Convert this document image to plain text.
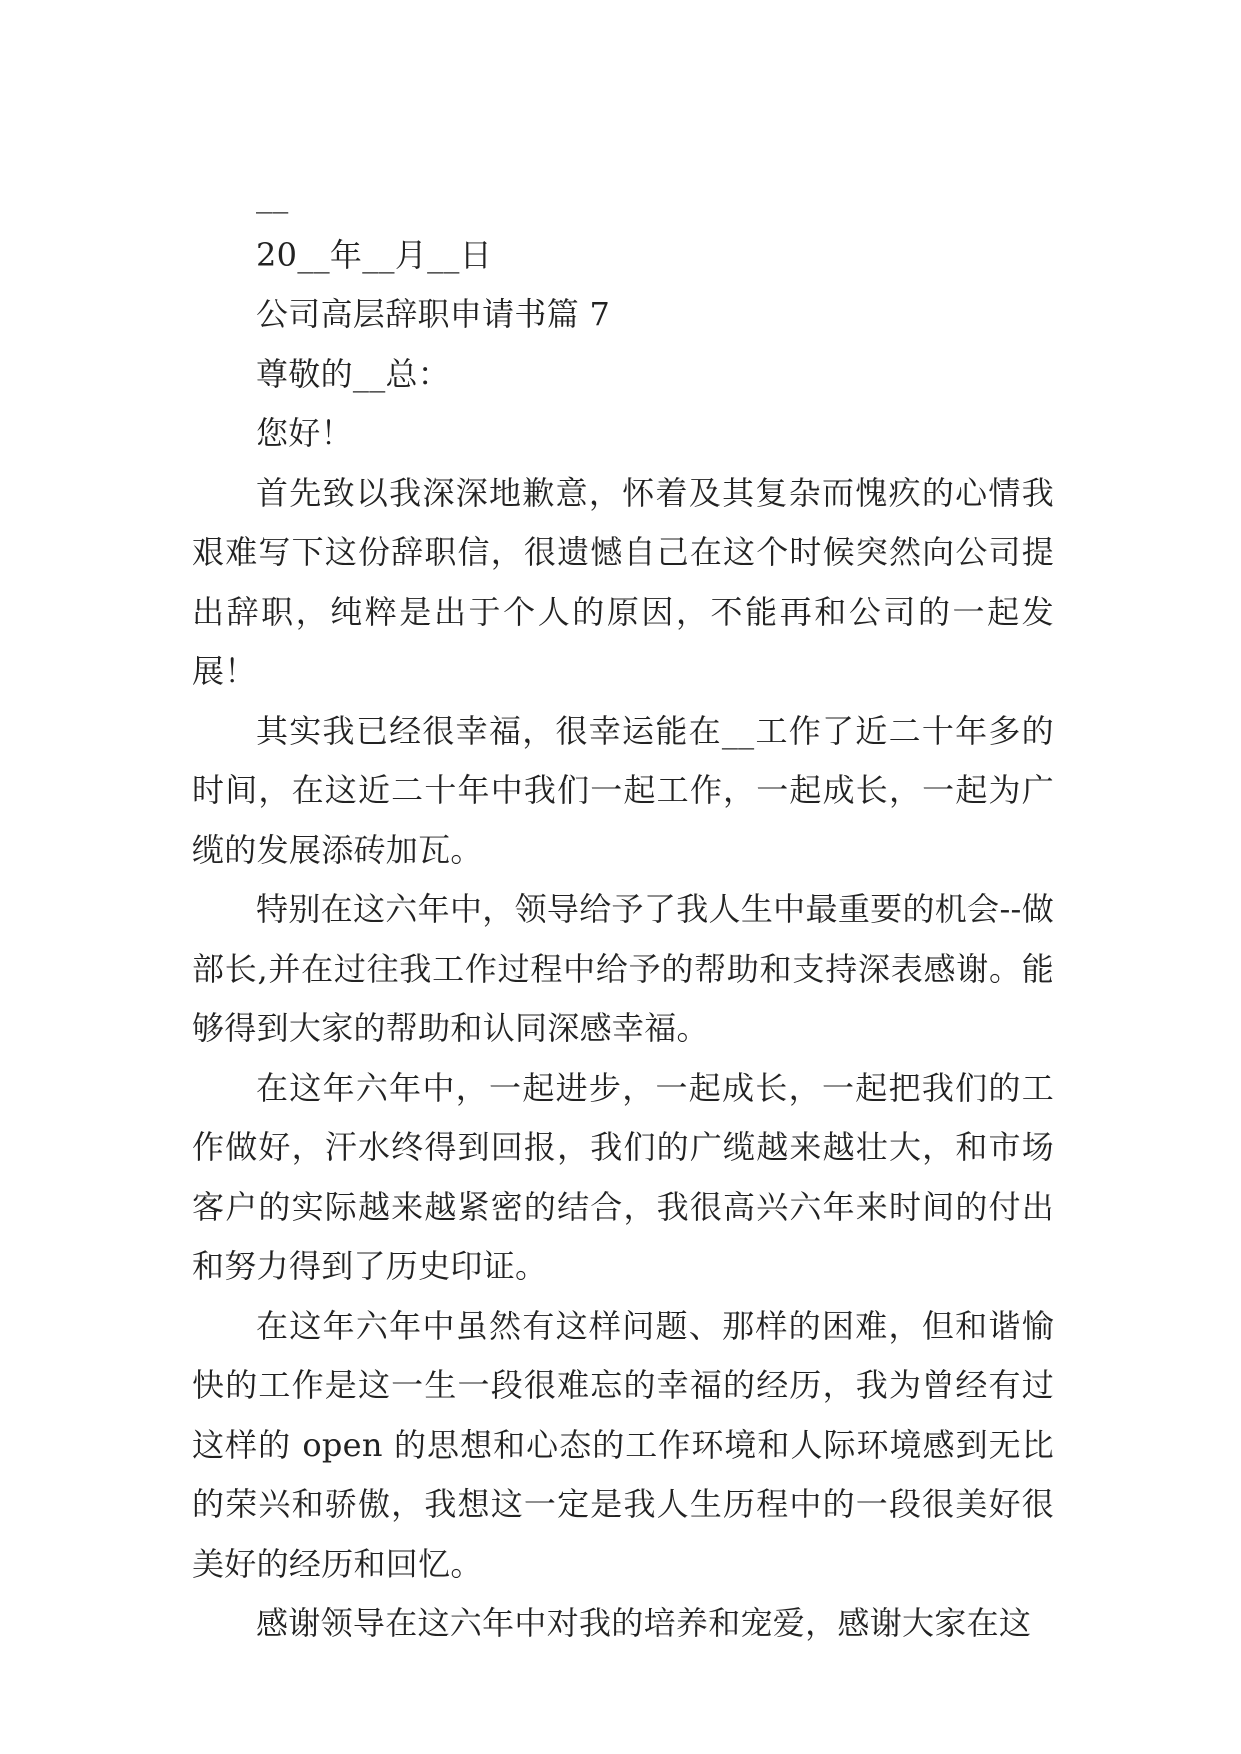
__
20__年__月__日
公司高层辞职申请书篇 7
尊敬的__总：
您好！

首先致以我深深地歉意，怀着及其复杂而愧疚的心情我艰难写下这份辞职信，很遗憾自己在这个时候突然向公司提出辞职，纯粹是出于个人的原因，不能再和公司的一起发展！

其实我已经很幸福，很幸运能在__工作了近二十年多的时间，在这近二十年中我们一起工作，一起成长，一起为广缆的发展添砖加瓦。

特别在这六年中，领导给予了我人生中最重要的机会--做部长,并在过往我工作过程中给予的帮助和支持深表感谢。能够得到大家的帮助和认同深感幸福。

在这年六年中，一起进步，一起成长，一起把我们的工作做好，汗水终得到回报，我们的广缆越来越壮大，和市场客户的实际越来越紧密的结合，我很高兴六年来时间的付出和努力得到了历史印证。

在这年六年中虽然有这样问题、那样的困难，但和谐愉快的工作是这一生一段很难忘的幸福的经历，我为曾经有过这样的 open 的思想和心态的工作环境和人际环境感到无比的荣兴和骄傲，我想这一定是我人生历程中的一段很美好很美好的经历和回忆。

感谢领导在这六年中对我的培养和宠爱，感谢大家在这
